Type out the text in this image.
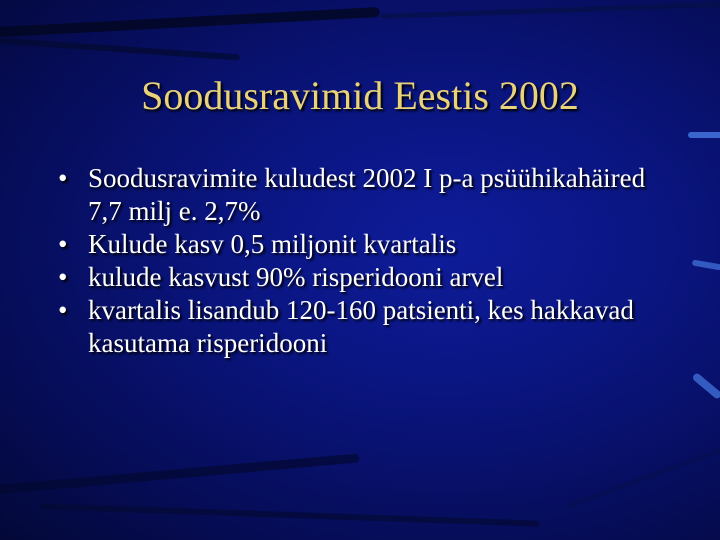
Soodusravimid Eestis 2002
• Soodusravimite kuludest 2002 I p-a psüühikahäired 7,7 milj e. 2,7%
• Kulude kasv 0,5 miljonit kvartalis
• kulude kasvust 90% risperidooni arvel
• kvartalis lisandub 120-160 patsienti, kes hakkavad kasutama risperidooni
